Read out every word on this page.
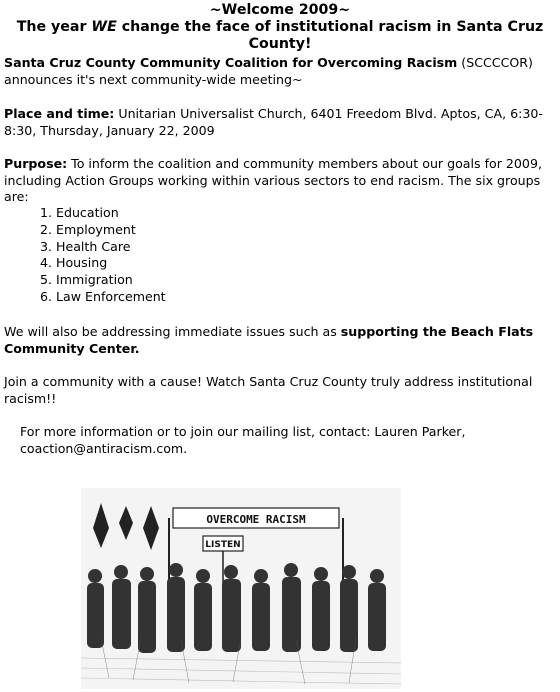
~Welcome 2009~
The year WE change the face of institutional racism in Santa Cruz County!
Santa Cruz County Community Coalition for Overcoming Racism (SCCCCOR) announces it's next community-wide meeting~
Place and time: Unitarian Universalist Church, 6401 Freedom Blvd. Aptos, CA, 6:30-8:30, Thursday, January 22, 2009
Purpose: To inform the coalition and community members about our goals for 2009, including Action Groups working within various sectors to end racism. The six groups are:
1. Education
2. Employment
3. Health Care
4. Housing
5. Immigration
6. Law Enforcement
We will also be addressing immediate issues such as supporting the Beach Flats Community Center.
Join a community with a cause! Watch Santa Cruz County truly address institutional racism!!
For more information or to join our mailing list, contact: Lauren Parker, coaction@antiracism.com.
OVERCOME RACISM
LISTEN
